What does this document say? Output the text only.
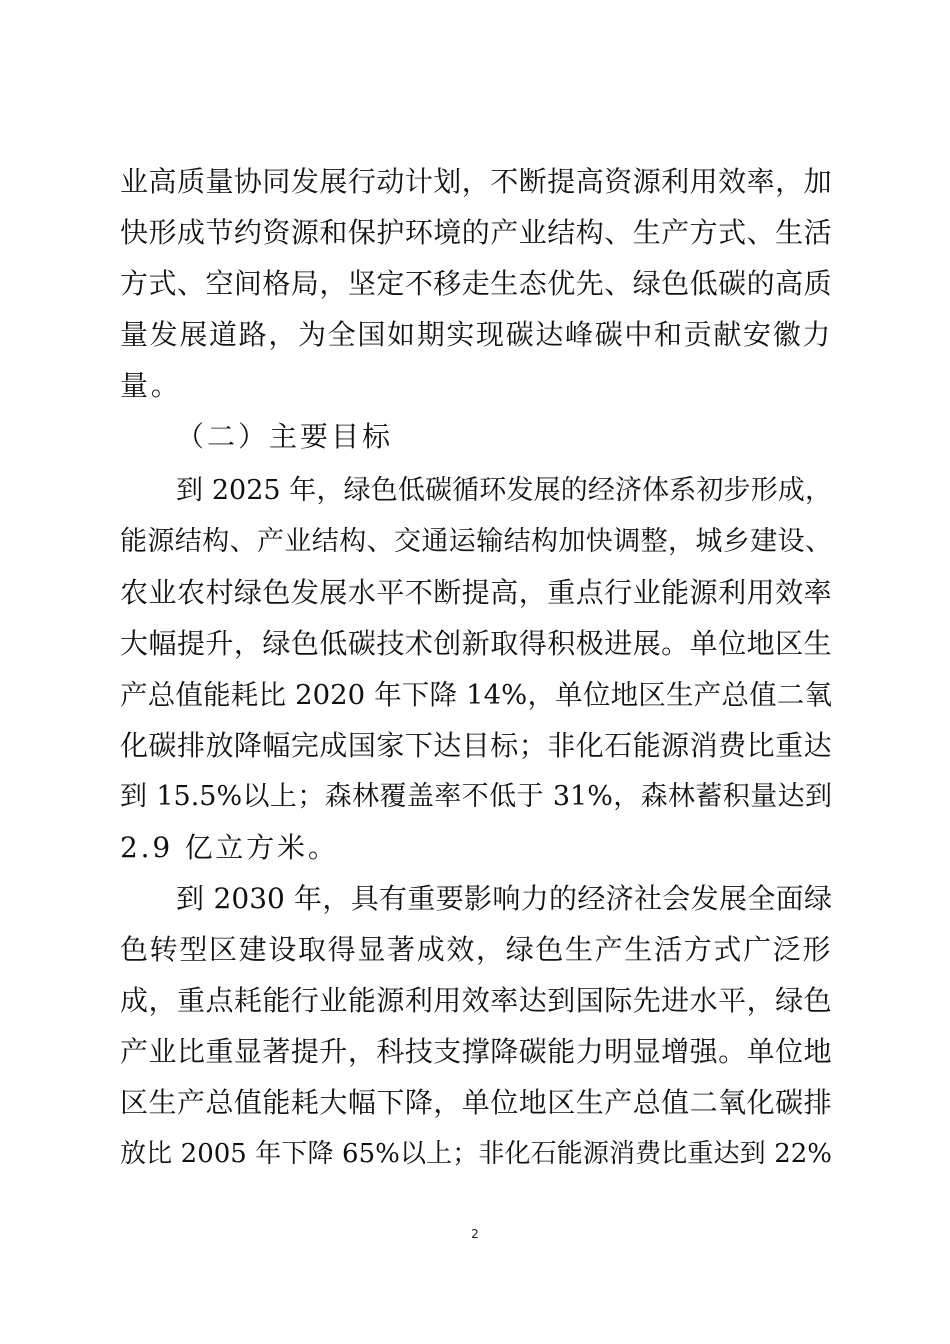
业高质量协同发展行动计划，不断提高资源利用效率，加
快形成节约资源和保护环境的产业结构、生产方式、生活
方式、空间格局，坚定不移走生态优先、绿色低碳的高质
量发展道路，为全国如期实现碳达峰碳中和贡献安徽力
量。
（二）主要目标
到 2025 年，绿色低碳循环发展的经济体系初步形成，
能源结构、产业结构、交通运输结构加快调整，城乡建设、
农业农村绿色发展水平不断提高，重点行业能源利用效率
大幅提升，绿色低碳技术创新取得积极进展。单位地区生
产总值能耗比 2020 年下降 14%，单位地区生产总值二氧
化碳排放降幅完成国家下达目标；非化石能源消费比重达
到 15.5%以上；森林覆盖率不低于 31%，森林蓄积量达到
2.9 亿立方米。
到 2030 年，具有重要影响力的经济社会发展全面绿
色转型区建设取得显著成效，绿色生产生活方式广泛形
成，重点耗能行业能源利用效率达到国际先进水平，绿色
产业比重显著提升，科技支撑降碳能力明显增强。单位地
区生产总值能耗大幅下降，单位地区生产总值二氧化碳排
放比 2005 年下降 65%以上；非化石能源消费比重达到 22%
2
